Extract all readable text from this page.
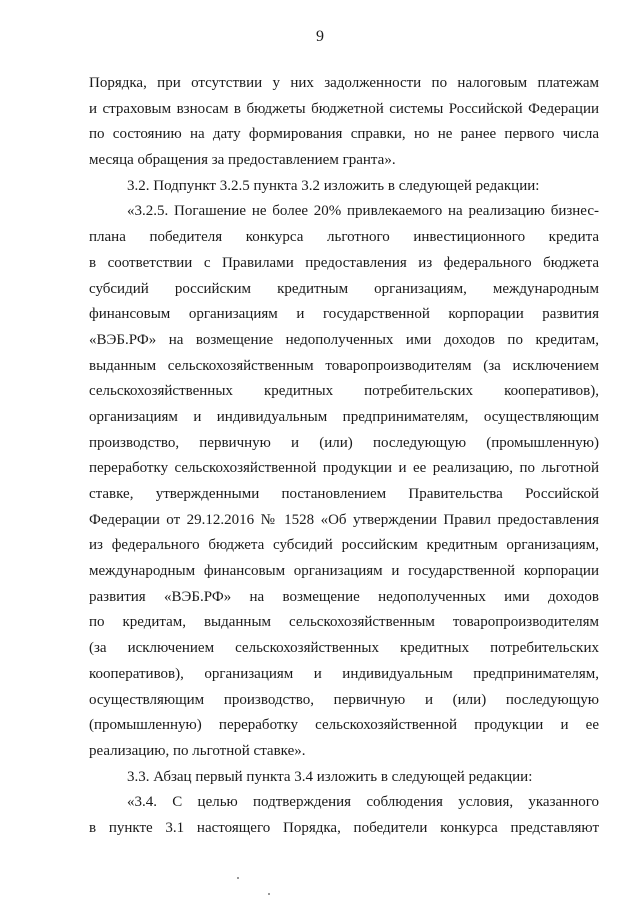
9
Порядка, при отсутствии у них задолженности по налоговым платежам
и страховым взносам в бюджеты бюджетной системы Российской Федерации
по состоянию на дату формирования справки, но не ранее первого числа
месяца обращения за предоставлением гранта».
3.2. Подпункт 3.2.5 пункта 3.2 изложить в следующей редакции:
«3.2.5. Погашение не более 20% привлекаемого на реализацию бизнес-
плана победителя конкурса льготного инвестиционного кредита
в соответствии с Правилами предоставления из федерального бюджета
субсидий российским кредитным организациям, международным
финансовым организациям и государственной корпорации развития
«ВЭБ.РФ» на возмещение недополученных ими доходов по кредитам,
выданным сельскохозяйственным товаропроизводителям (за исключением
сельскохозяйственных кредитных потребительских кооперативов),
организациям и индивидуальным предпринимателям, осуществляющим
производство, первичную и (или) последующую (промышленную)
переработку сельскохозяйственной продукции и ее реализацию, по льготной
ставке, утвержденными постановлением Правительства Российской
Федерации от 29.12.2016 № 1528 «Об утверждении Правил предоставления
из федерального бюджета субсидий российским кредитным организациям,
международным финансовым организациям и государственной корпорации
развития «ВЭБ.РФ» на возмещение недополученных ими доходов
по кредитам, выданным сельскохозяйственным товаропроизводителям
(за исключением сельскохозяйственных кредитных потребительских
кооперативов), организациям и индивидуальным предпринимателям,
осуществляющим производство, первичную и (или) последующую
(промышленную) переработку сельскохозяйственной продукции и ее
реализацию, по льготной ставке».
3.3. Абзац первый пункта 3.4 изложить в следующей редакции:
«3.4. С целью подтверждения соблюдения условия, указанного
в пункте 3.1 настоящего Порядка, победители конкурса представляют
